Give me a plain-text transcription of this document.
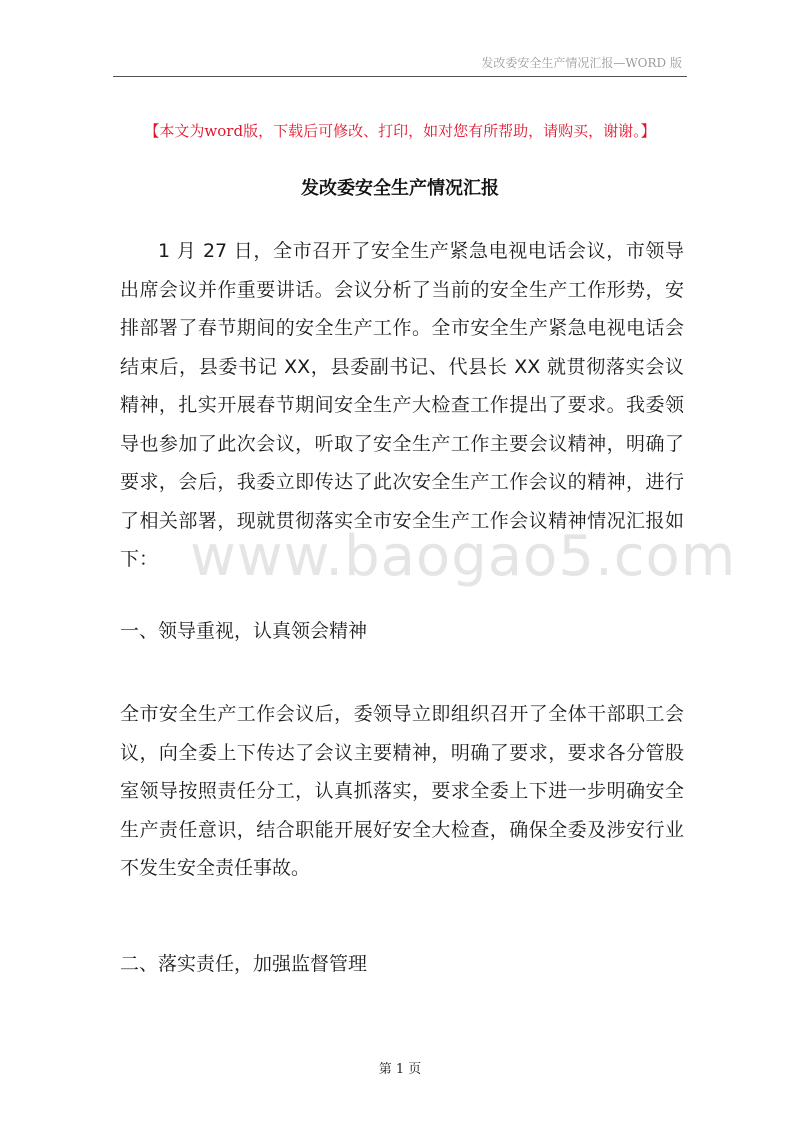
发改委安全生产情况汇报—WORD 版
【本文为word版，下载后可修改、打印，如对您有所帮助，请购买，谢谢。】
发改委安全生产情况汇报

1 月 27 日，全市召开了安全生产紧急电视电话会议，市领导出席会议并作重要讲话。会议分析了当前的安全生产工作形势，安排部署了春节期间的安全生产工作。全市安全生产紧急电视电话会结束后，县委书记 XX，县委副书记、代县长 XX 就贯彻落实会议精神，扎实开展春节期间安全生产大检查工作提出了要求。我委领导也参加了此次会议，听取了安全生产工作主要会议精神，明确了要求，会后，我委立即传达了此次安全生产工作会议的精神，进行了相关部署，现就贯彻落实全市安全生产工作会议精神情况汇报如下： www.baogao5.com

一、领导重视，认真领会精神

全市安全生产工作会议后，委领导立即组织召开了全体干部职工会议，向全委上下传达了会议主要精神，明确了要求，要求各分管股室领导按照责任分工，认真抓落实，要求全委上下进一步明确安全生产责任意识，结合职能开展好安全大检查，确保全委及涉安行业不发生安全责任事故。

二、落实责任，加强监督管理

第 1 页
